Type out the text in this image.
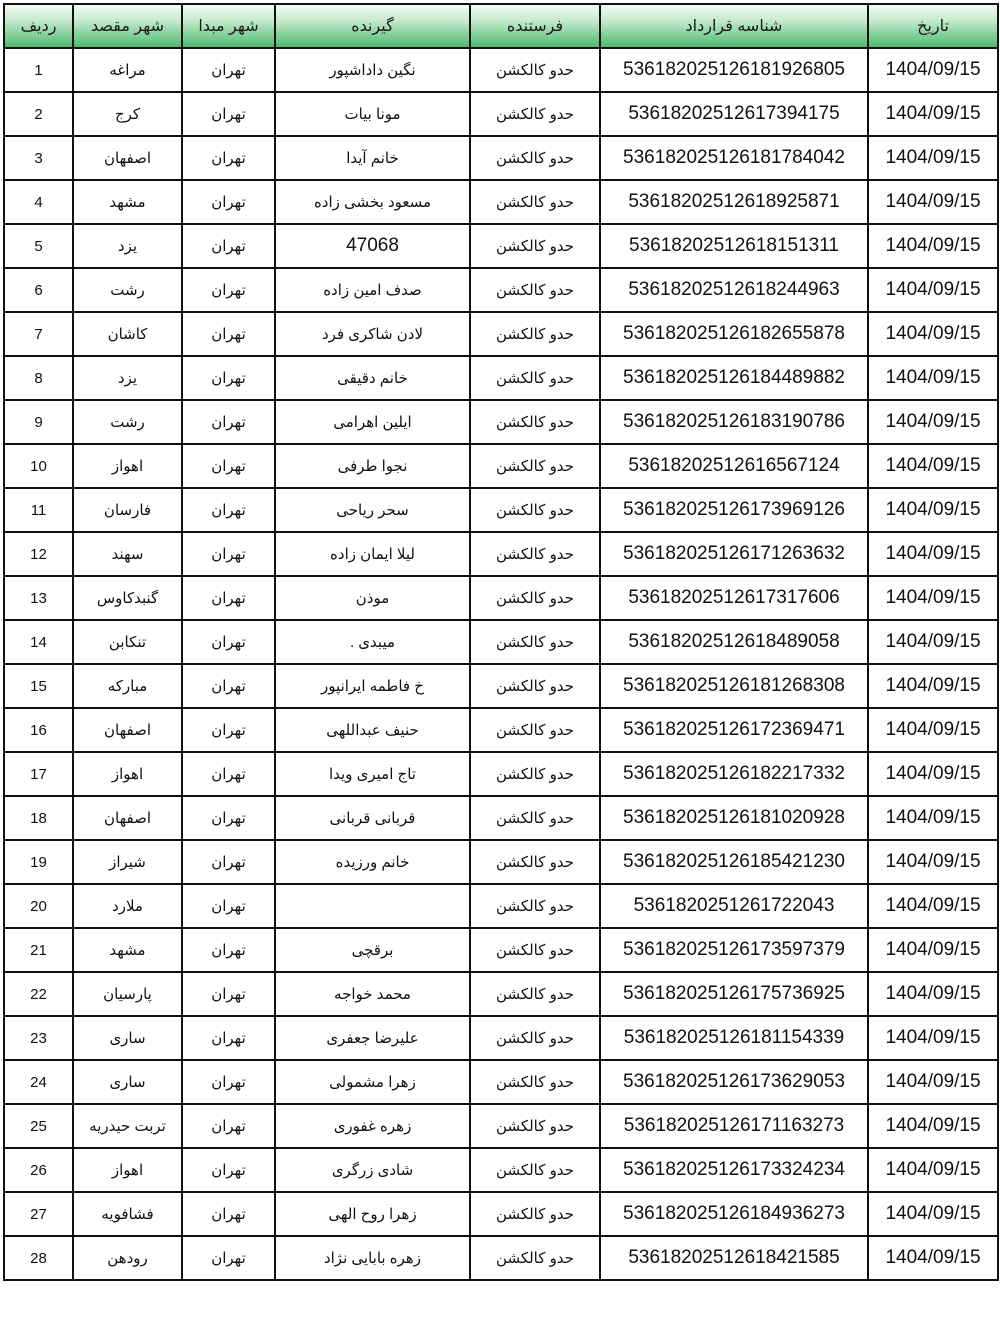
تاریخ	شناسه قرارداد	فرستنده	گیرنده	شهر مبدا	شهر مقصد	ردیف
1404/09/15	536182025126181926805	حدو کالکشن	نگین داداشپور	تهران	مراغه	1
1404/09/15	53618202512617394175	حدو کالکشن	مونا بیات	تهران	کرج	2
1404/09/15	536182025126181784042	حدو کالکشن	خانم آیدا	تهران	اصفهان	3
1404/09/15	53618202512618925871	حدو کالکشن	مسعود بخشی زاده	تهران	مشهد	4
1404/09/15	53618202512618151311	حدو کالکشن	47068	تهران	یزد	5
1404/09/15	53618202512618244963	حدو کالکشن	صدف امین زاده	تهران	رشت	6
1404/09/15	536182025126182655878	حدو کالکشن	لادن شاکری فرد	تهران	کاشان	7
1404/09/15	536182025126184489882	حدو کالکشن	خانم دقیقی	تهران	یزد	8
1404/09/15	536182025126183190786	حدو کالکشن	ایلین اهرامی	تهران	رشت	9
1404/09/15	53618202512616567124	حدو کالکشن	نجوا طرفی	تهران	اهواز	10
1404/09/15	536182025126173969126	حدو کالکشن	سحر ریاحی	تهران	فارسان	11
1404/09/15	536182025126171263632	حدو کالکشن	لیلا ایمان زاده	تهران	سهند	12
1404/09/15	53618202512617317606	حدو کالکشن	موذن	تهران	گنبدکاوس	13
1404/09/15	53618202512618489058	حدو کالکشن	میبدی .	تهران	تنکابن	14
1404/09/15	536182025126181268308	حدو کالکشن	خ فاطمه ایرانپور	تهران	مبارکه	15
1404/09/15	536182025126172369471	حدو کالکشن	حنیف عبداللهی	تهران	اصفهان	16
1404/09/15	536182025126182217332	حدو کالکشن	تاج امیری ویدا	تهران	اهواز	17
1404/09/15	536182025126181020928	حدو کالکشن	قربانی قربانی	تهران	اصفهان	18
1404/09/15	536182025126185421230	حدو کالکشن	خانم ورزیده	تهران	شیراز	19
1404/09/15	5361820251261722043	حدو کالکشن		تهران	ملارد	20
1404/09/15	536182025126173597379	حدو کالکشن	برقچی	تهران	مشهد	21
1404/09/15	536182025126175736925	حدو کالکشن	محمد خواجه	تهران	پارسیان	22
1404/09/15	536182025126181154339	حدو کالکشن	علیرضا جعفری	تهران	ساری	23
1404/09/15	536182025126173629053	حدو کالکشن	زهرا مشمولی	تهران	ساری	24
1404/09/15	536182025126171163273	حدو کالکشن	زهره غفوری	تهران	تربت حیدریه	25
1404/09/15	536182025126173324234	حدو کالکشن	شادی زرگری	تهران	اهواز	26
1404/09/15	536182025126184936273	حدو کالکشن	زهرا روح الهی	تهران	فشافویه	27
1404/09/15	53618202512618421585	حدو کالکشن	زهره بابایی نژاد	تهران	رودهن	28
